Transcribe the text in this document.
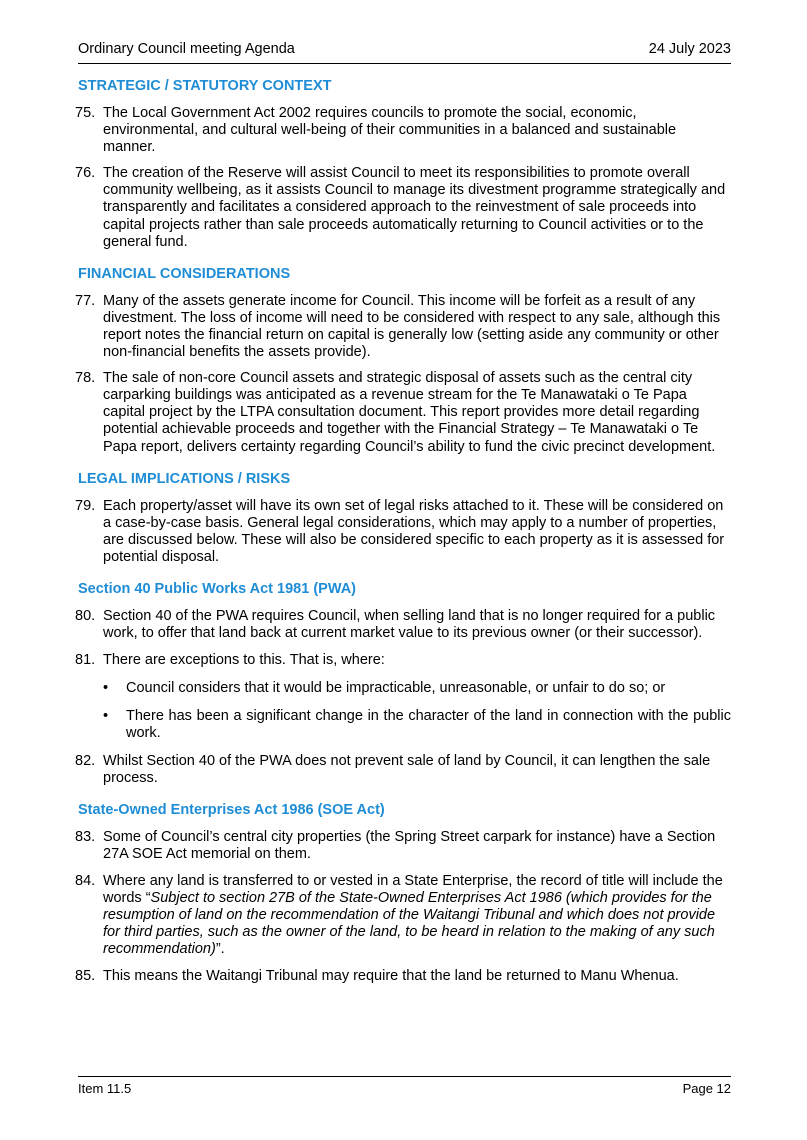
Ordinary Council meeting Agenda	24 July 2023
STRATEGIC / STATUTORY CONTEXT

75. The Local Government Act 2002 requires councils to promote the social, economic, environmental, and cultural well-being of their communities in a balanced and sustainable manner.

76. The creation of the Reserve will assist Council to meet its responsibilities to promote overall community wellbeing, as it assists Council to manage its divestment programme strategically and transparently and facilitates a considered approach to the reinvestment of sale proceeds into capital projects rather than sale proceeds automatically returning to Council activities or to the general fund.

FINANCIAL CONSIDERATIONS

77. Many of the assets generate income for Council. This income will be forfeit as a result of any divestment. The loss of income will need to be considered with respect to any sale, although this report notes the financial return on capital is generally low (setting aside any community or other non-financial benefits the assets provide).

78. The sale of non-core Council assets and strategic disposal of assets such as the central city carparking buildings was anticipated as a revenue stream for the Te Manawataki o Te Papa capital project by the LTPA consultation document. This report provides more detail regarding potential achievable proceeds and together with the Financial Strategy – Te Manawataki o Te Papa report, delivers certainty regarding Council’s ability to fund the civic precinct development.

LEGAL IMPLICATIONS / RISKS

79. Each property/asset will have its own set of legal risks attached to it. These will be considered on a case-by-case basis. General legal considerations, which may apply to a number of properties, are discussed below. These will also be considered specific to each property as it is assessed for potential disposal.

Section 40 Public Works Act 1981 (PWA)

80. Section 40 of the PWA requires Council, when selling land that is no longer required for a public work, to offer that land back at current market value to its previous owner (or their successor).

81. There are exceptions to this. That is, where:

• Council considers that it would be impracticable, unreasonable, or unfair to do so; or
• There has been a significant change in the character of the land in connection with the public work.

82. Whilst Section 40 of the PWA does not prevent sale of land by Council, it can lengthen the sale process.

State-Owned Enterprises Act 1986 (SOE Act)

83. Some of Council’s central city properties (the Spring Street carpark for instance) have a Section 27A SOE Act memorial on them.

84. Where any land is transferred to or vested in a State Enterprise, the record of title will include the words “Subject to section 27B of the State-Owned Enterprises Act 1986 (which provides for the resumption of land on the recommendation of the Waitangi Tribunal and which does not provide for third parties, such as the owner of the land, to be heard in relation to the making of any such recommendation)”.

85. This means the Waitangi Tribunal may require that the land be returned to Manu Whenua.

Item 11.5	Page 12
